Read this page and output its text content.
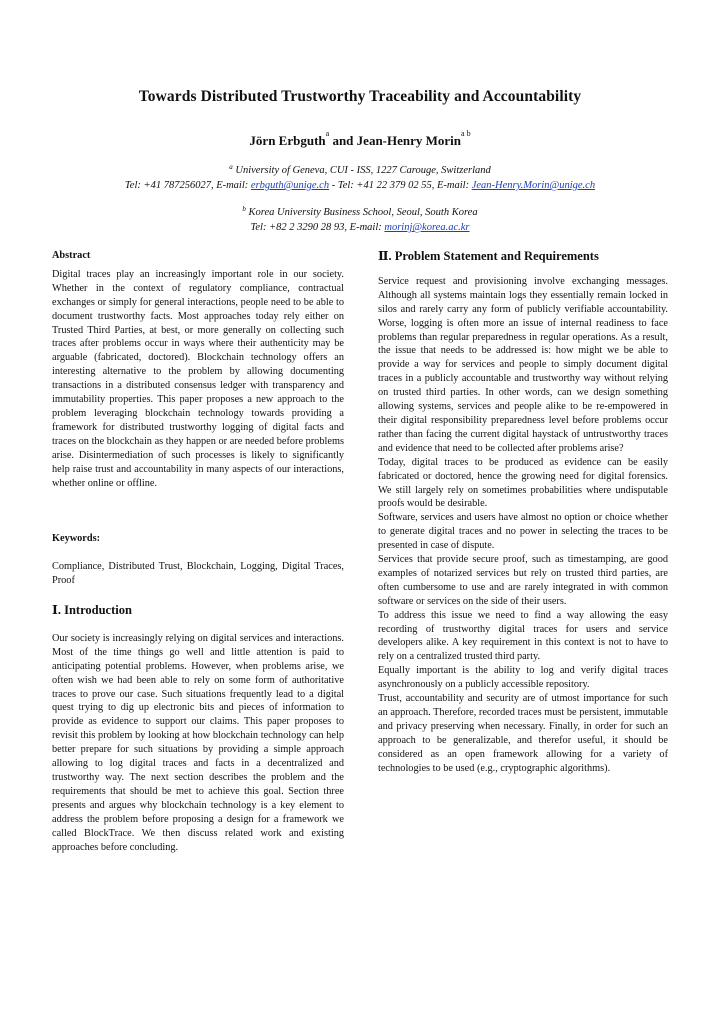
Towards Distributed Trustworthy Traceability and Accountability
Jörn Erbguth$^a$ and Jean-Henry Morin$^{a b}$
$^a$ University of Geneva, CUI - ISS, 1227 Carouge, Switzerland
Tel: +41 787256027, E-mail: erbguth@unige.ch - Tel: +41 22 379 02 55, E-mail: Jean-Henry.Morin@unige.ch
$^b$ Korea University Business School, Seoul, South Korea
Tel: +82 2 3290 28 93, E-mail: morinj@korea.ac.kr
Abstract

Digital traces play an increasingly important role in our society. Whether in the context of regulatory compliance, contractual exchanges or simply for general interactions, people need to be able to document trustworthy facts. Most approaches today rely either on Trusted Third Parties, at best, or more generally on collecting such traces after problems occur in ways where their authenticity may be arguable (fabricated, doctored). Blockchain technology offers an interesting alternative to the problem by allowing documenting transactions in a distributed consensus ledger with transparency and immutability properties. This paper proposes a new approach to the problem leveraging blockchain technology towards providing a framework for distributed trustworthy logging of digital facts and traces on the blockchain as they happen or are needed before problems arise. Disintermediation of such processes is likely to significantly help raise trust and accountability in many aspects of our interactions, whether online or offline.

Keywords:

Compliance, Distributed Trust, Blockchain, Logging, Digital Traces, Proof

Ⅰ. Introduction

Our society is increasingly relying on digital services and interactions. Most of the time things go well and little attention is paid to anticipating potential problems. However, when problems arise, we often wish we had been able to rely on some form of authoritative traces to prove our case. Such situations frequently lead to a digital quest trying to dig up electronic bits and pieces of information to provide as evidence to support our claims. This paper proposes to revisit this problem by looking at how blockchain technology can help better prepare for such situations by providing a simple approach allowing to log digital traces and facts in a decentralized and trustworthy way. The next section describes the problem and the requirements that should be met to achieve this goal. Section three presents and argues why blockchain technology is a key element to address the problem before proposing a design for a framework we called BlockTrace. We then discuss related work and existing approaches before concluding.

Ⅱ. Problem Statement and Requirements

Service request and provisioning involve exchanging messages. Although all systems maintain logs they essentially remain locked in silos and rarely carry any form of publicly verifiable accountability. Worse, logging is often more an issue of internal readiness to face problems than regular preparedness in regular operations. As a result, the issue that needs to be addressed is: how might we be able to provide a way for services and people to simply document digital traces in a publicly accountable and trustworthy way without relying on trusted third parties. In other words, can we design something allowing systems, services and people alike to be re-empowered in their digital responsibility preparedness level before problems occur rather than facing the current digital haystack of untrustworthy traces and evidence that need to be collected after problems arise?

Today, digital traces to be produced as evidence can be easily fabricated or doctored, hence the growing need for digital forensics. We still largely rely on sometimes probabilities where undisputable proofs would be desirable.

Software, services and users have almost no option or choice whether to generate digital traces and no power in selecting the traces to be presented in case of dispute.

Services that provide secure proof, such as timestamping, are good examples of notarized services but rely on trusted third parties, are often cumbersome to use and are rarely integrated in with common software or services on the side of their users.

To address this issue we need to find a way allowing the easy recording of trustworthy digital traces for users and service developers alike. A key requirement in this context is not to have to rely on a centralized trusted third party.

Equally important is the ability to log and verify digital traces asynchronously on a publicly accessible repository.

Trust, accountability and security are of utmost importance for such an approach. Therefore, recorded traces must be persistent, immutable and privacy preserving when necessary. Finally, in order for such an approach to be generalizable, and therefor useful, it should be considered as an open framework allowing for a variety of technologies to be used (e.g., cryptographic algorithms).
